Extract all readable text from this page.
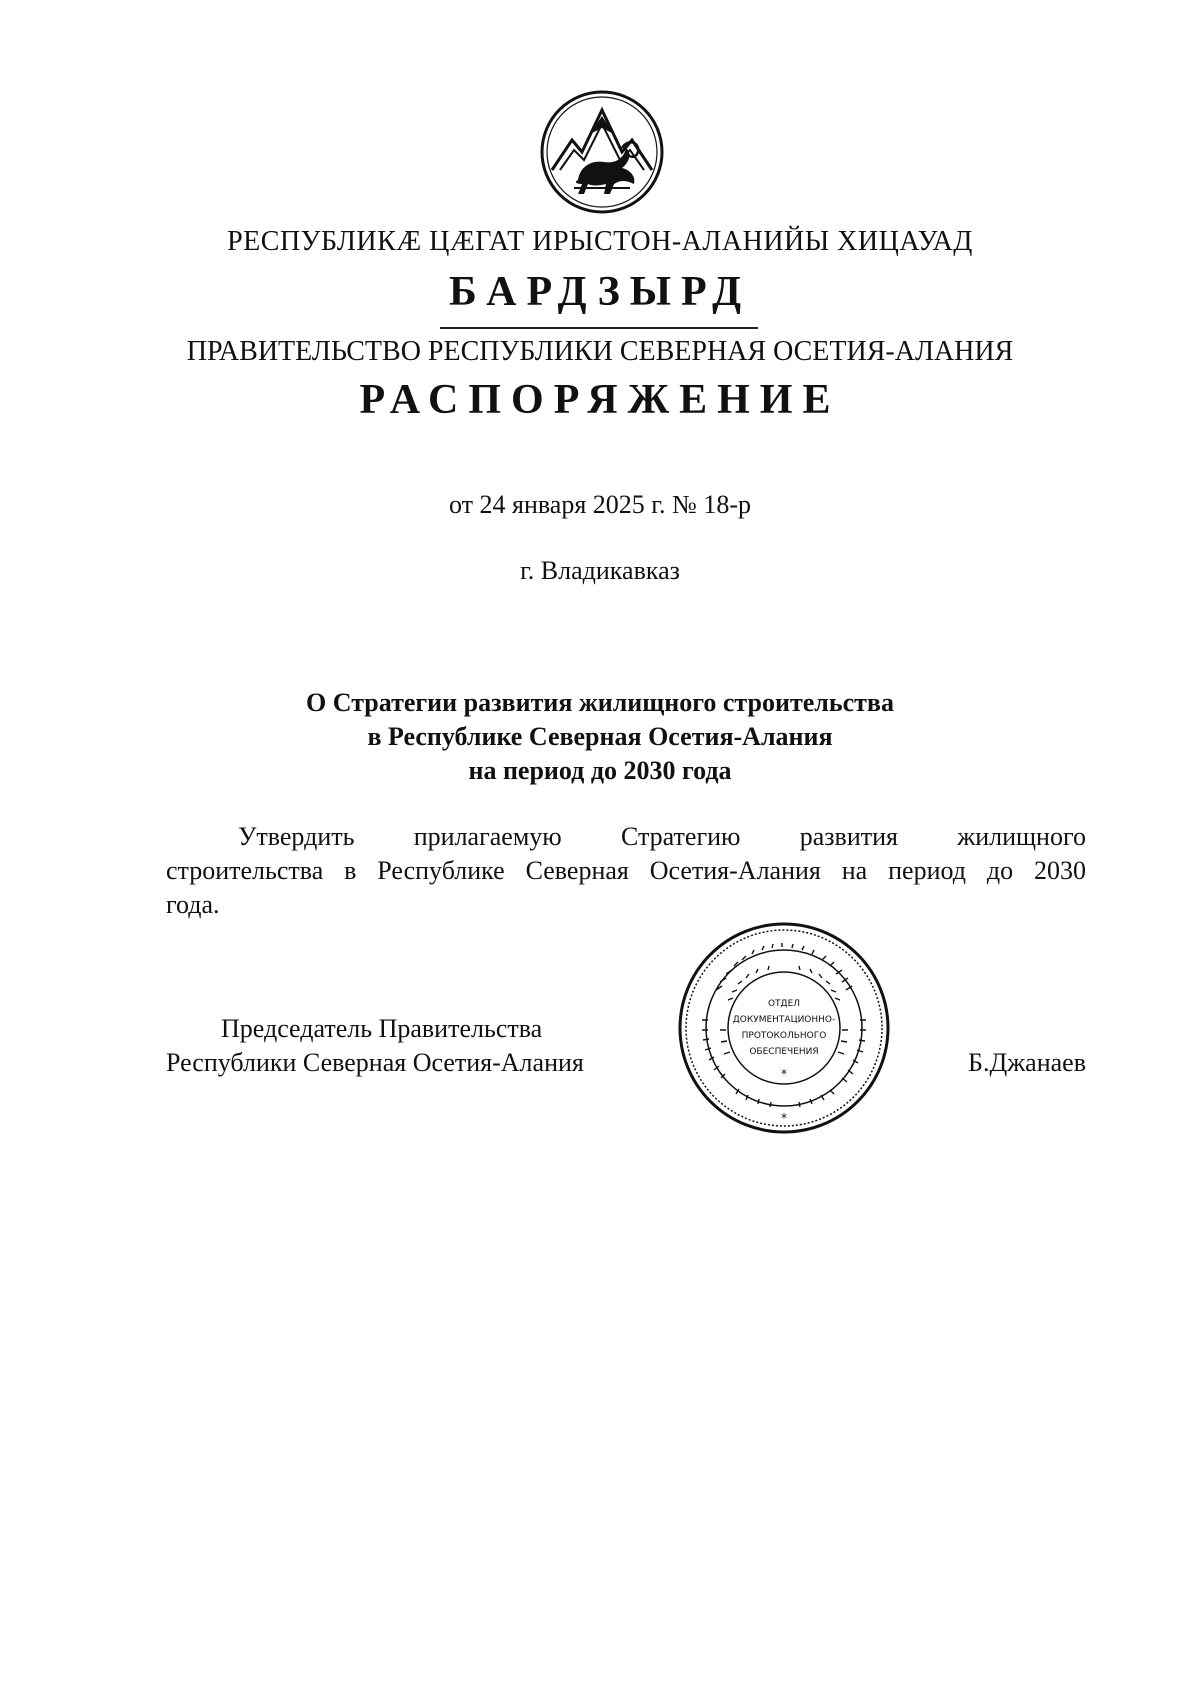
РЕСПУБЛИКӔ ЦӔГАТ ИРЫСТОН-АЛАНИЙЫ ХИЦАУАД
БАРДЗЫРД
ПРАВИТЕЛЬСТВО РЕСПУБЛИКИ СЕВЕРНАЯ ОСЕТИЯ-АЛАНИЯ
РАСПОРЯЖЕНИЕ
от 24 января 2025 г. № 18-р
г. Владикавказ
О Стратегии развития жилищного строительства
в Республике Северная Осетия-Алания
на период до 2030 года
Утвердить прилагаемую Стратегию развития жилищного
строительства в Республике Северная Осетия-Алания на период до 2030
года.
Председатель Правительства
Республики Северная Осетия-Алания	Б.Джанаев
ОТДЕЛ
ДОКУМЕНТАЦИОННО-
ПРОТОКОЛЬНОГО
ОБЕСПЕЧЕНИЯ
*
*
